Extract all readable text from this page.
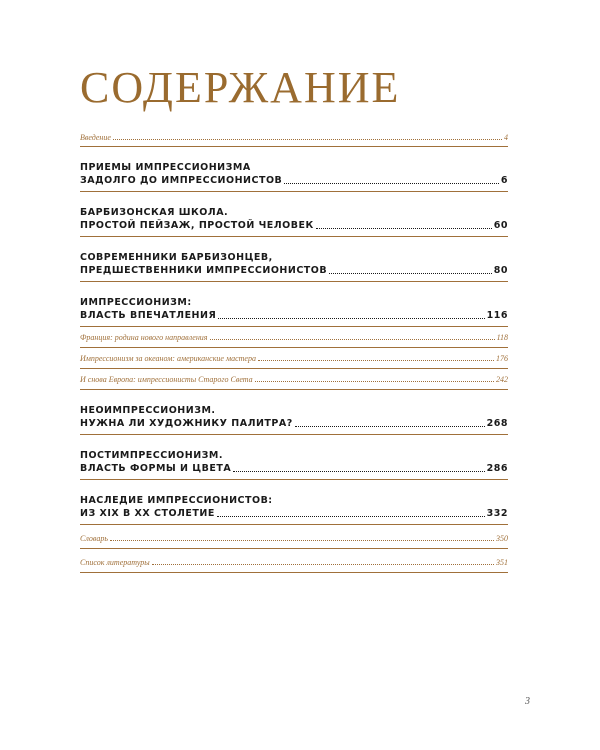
СОДЕРЖАНИЕ
Введение	4
ПРИЕМЫ ИМПРЕССИОНИЗМА
ЗАДОЛГО ДО ИМПРЕССИОНИСТОВ	6
БАРБИЗОНСКАЯ ШКОЛА.
ПРОСТОЙ ПЕЙЗАЖ, ПРОСТОЙ ЧЕЛОВЕК	60
СОВРЕМЕННИКИ БАРБИЗОНЦЕВ,
ПРЕДШЕСТВЕННИКИ ИМПРЕССИОНИСТОВ	80
ИМПРЕССИОНИЗМ:
ВЛАСТЬ ВПЕЧАТЛЕНИЯ	116
Франция: родина нового направления	118
Импрессионизм за океаном: американские мастера	176
И снова Европа: импрессионисты Старого Света	242
НЕОИМПРЕССИОНИЗМ.
НУЖНА ЛИ ХУДОЖНИКУ ПАЛИТРА?	268
ПОСТИМПРЕССИОНИЗМ.
ВЛАСТЬ ФОРМЫ И ЦВЕТА	286
НАСЛЕДИЕ ИМПРЕССИОНИСТОВ:
ИЗ XIX В XX СТОЛЕТИЕ	332
Словарь	350
Список литературы	351
3
